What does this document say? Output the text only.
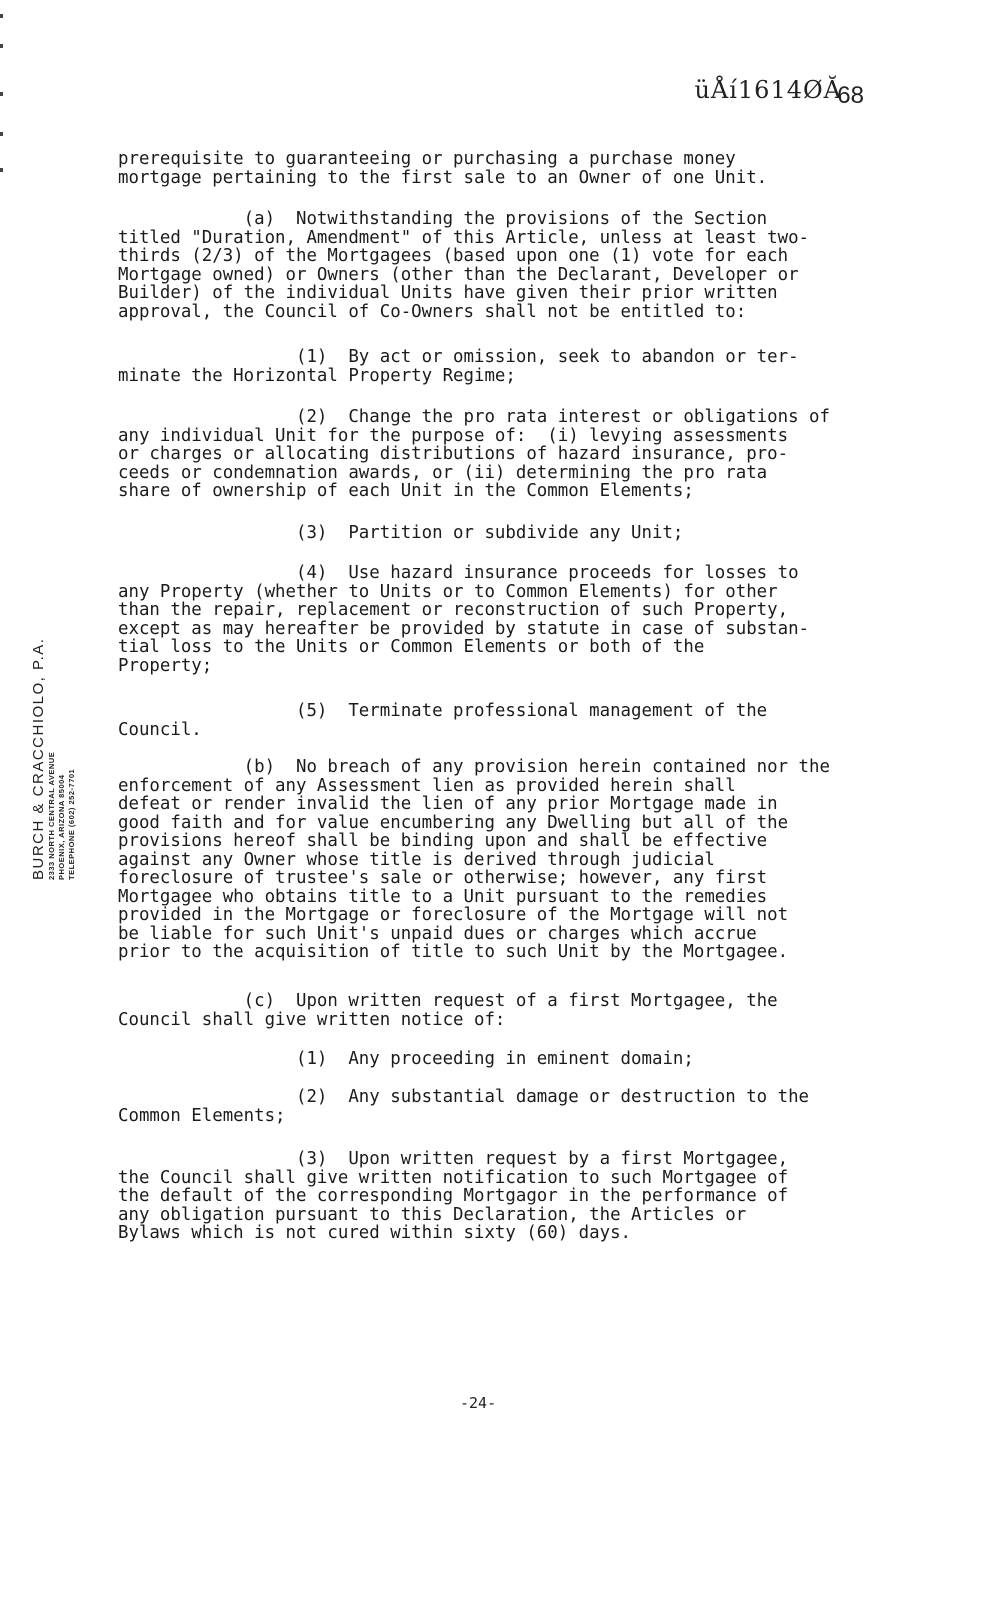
üÅí1614ØĂ
68
BURCH & CRACCHIOLO, P.A. 2333 NORTH CENTRAL AVENUE PHOENIX, ARIZONA 85004 TELEPHONE (602) 252-7701
prerequisite to guaranteeing or purchasing a purchase money
mortgage pertaining to the first sale to an Owner of one Unit.
(a)  Notwithstanding the provisions of the Section
titled "Duration, Amendment" of this Article, unless at least two-
thirds (2/3) of the Mortgagees (based upon one (1) vote for each
Mortgage owned) or Owners (other than the Declarant, Developer or
Builder) of the individual Units have given their prior written
approval, the Council of Co-Owners shall not be entitled to:
(1)  By act or omission, seek to abandon or ter-
minate the Horizontal Property Regime;
(2)  Change the pro rata interest or obligations of
any individual Unit for the purpose of:  (i) levying assessments
or charges or allocating distributions of hazard insurance, pro-
ceeds or condemnation awards, or (ii) determining the pro rata
share of ownership of each Unit in the Common Elements;
(3)  Partition or subdivide any Unit;
(4)  Use hazard insurance proceeds for losses to
any Property (whether to Units or to Common Elements) for other
than the repair, replacement or reconstruction of such Property,
except as may hereafter be provided by statute in case of substan-
tial loss to the Units or Common Elements or both of the
Property;
(5)  Terminate professional management of the
Council.
(b)  No breach of any provision herein contained nor the
enforcement of any Assessment lien as provided herein shall
defeat or render invalid the lien of any prior Mortgage made in
good faith and for value encumbering any Dwelling but all of the
provisions hereof shall be binding upon and shall be effective
against any Owner whose title is derived through judicial
foreclosure of trustee's sale or otherwise; however, any first
Mortgagee who obtains title to a Unit pursuant to the remedies
provided in the Mortgage or foreclosure of the Mortgage will not
be liable for such Unit's unpaid dues or charges which accrue
prior to the acquisition of title to such Unit by the Mortgagee.
(c)  Upon written request of a first Mortgagee, the
Council shall give written notice of:
(1)  Any proceeding in eminent domain;
(2)  Any substantial damage or destruction to the
Common Elements;
(3)  Upon written request by a first Mortgagee,
the Council shall give written notification to such Mortgagee of
the default of the corresponding Mortgagor in the performance of
any obligation pursuant to this Declaration, the Articles or
Bylaws which is not cured within sixty (60) days.
-24-
